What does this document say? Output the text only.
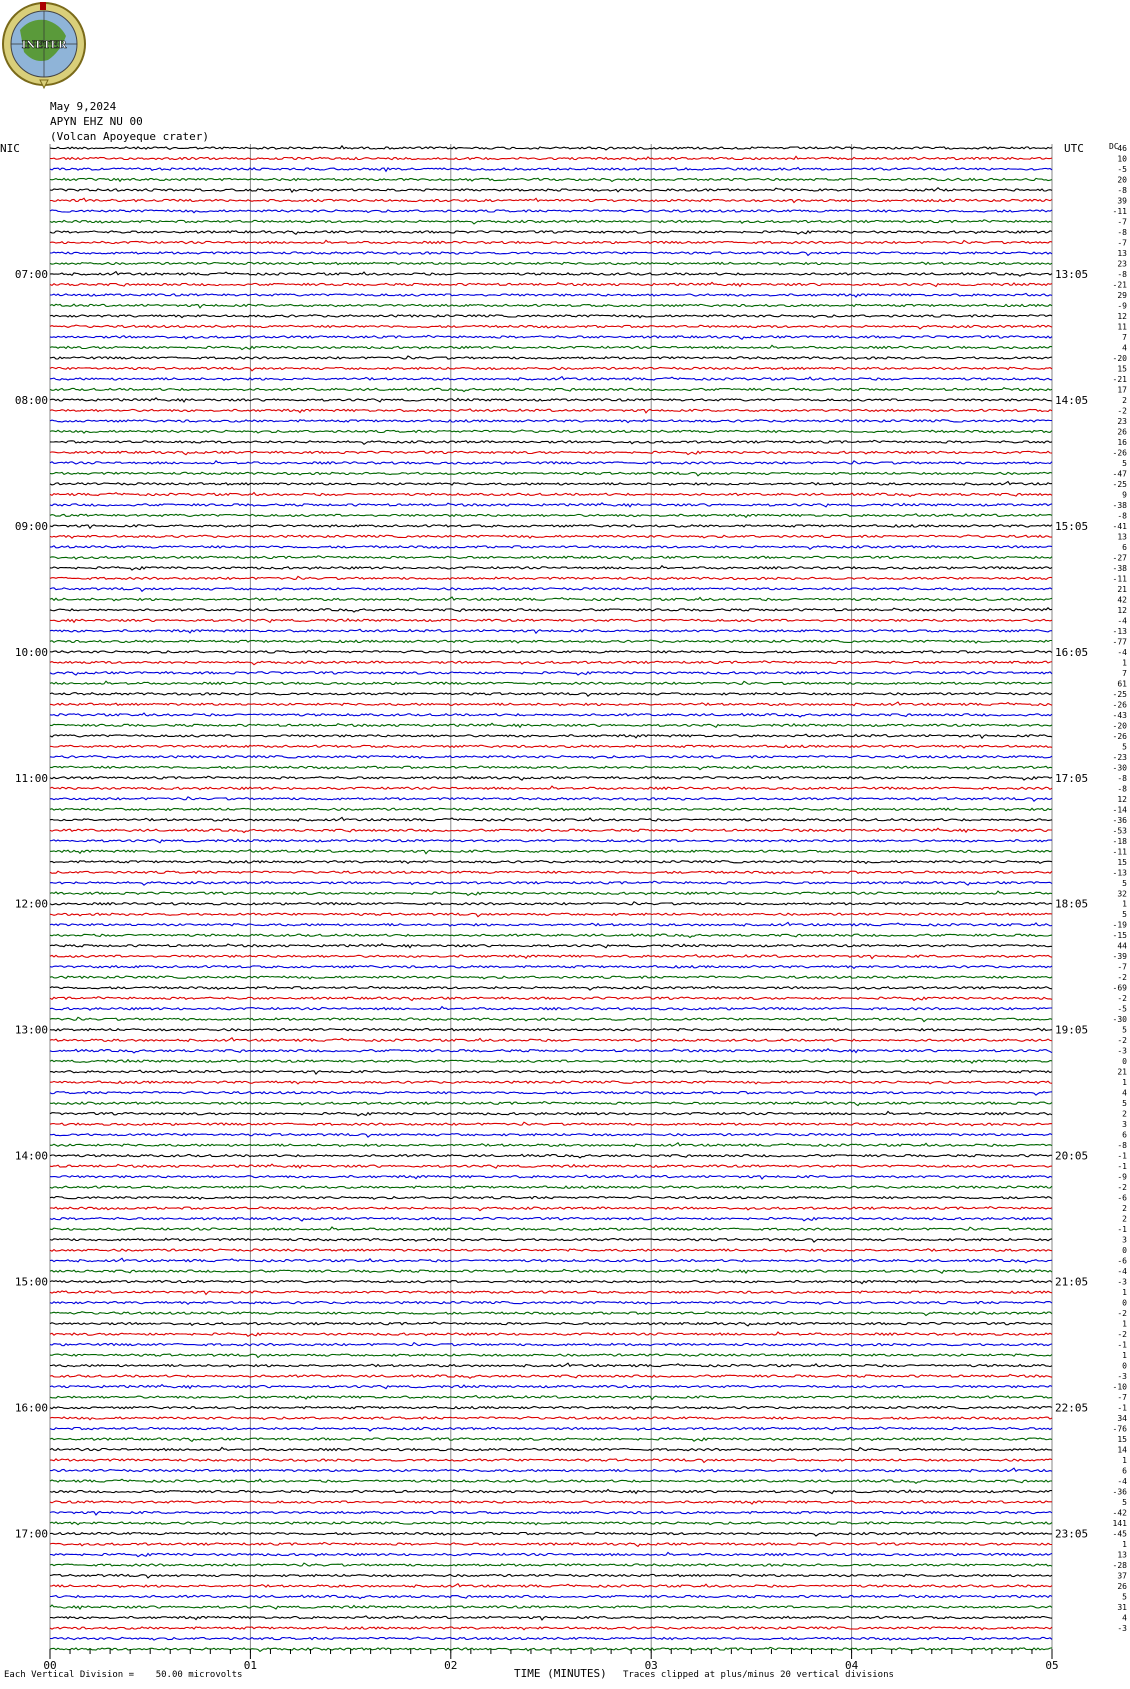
INETER
May 9,2024
APYN EHZ NU 00
(Volcan Apoyeque crater)
NIC	UTC	DC
07:00
08:00
09:00
10:00
11:00
12:00
13:00
14:00
15:00
16:00
17:00
13:05
14:05
15:05
16:05
17:05
18:05
19:05
20:05
21:05
22:05
23:05
46
10
-5
20
-8
39
-11
-7
-8
-7
13
23
-8
-21
29
-9
12
11
7
4
-20
15
-21
17
2
-2
23
26
16
-26
5
-47
-25
9
-38
-8
-41
13
6
-27
-38
-11
21
42
12
-4
-13
-77
-4
1
7
61
-25
-26
-43
-20
-26
5
-23
-30
-8
-8
12
-14
-36
-53
-18
-11
15
-13
5
32
1
5
-19
-15
44
-39
-7
-2
-69
-2
-5
-30
5
-2
-3
0
21
1
4
5
2
3
6
-8
-1
-1
-9
-2
-6
2
2
-1
3
0
-6
-4
-3
1
0
-2
1
-2
-1
1
0
-3
-10
-7
-1
34
-76
15
14
1
6
-4
-36
5
-42
141
-45
1
13
-28
37
26
5
31
4
-3
00	01	02	03	04	05
TIME (MINUTES)
Each Vertical Division =    50.00 microvolts	Traces clipped at plus/minus 20 vertical divisions
